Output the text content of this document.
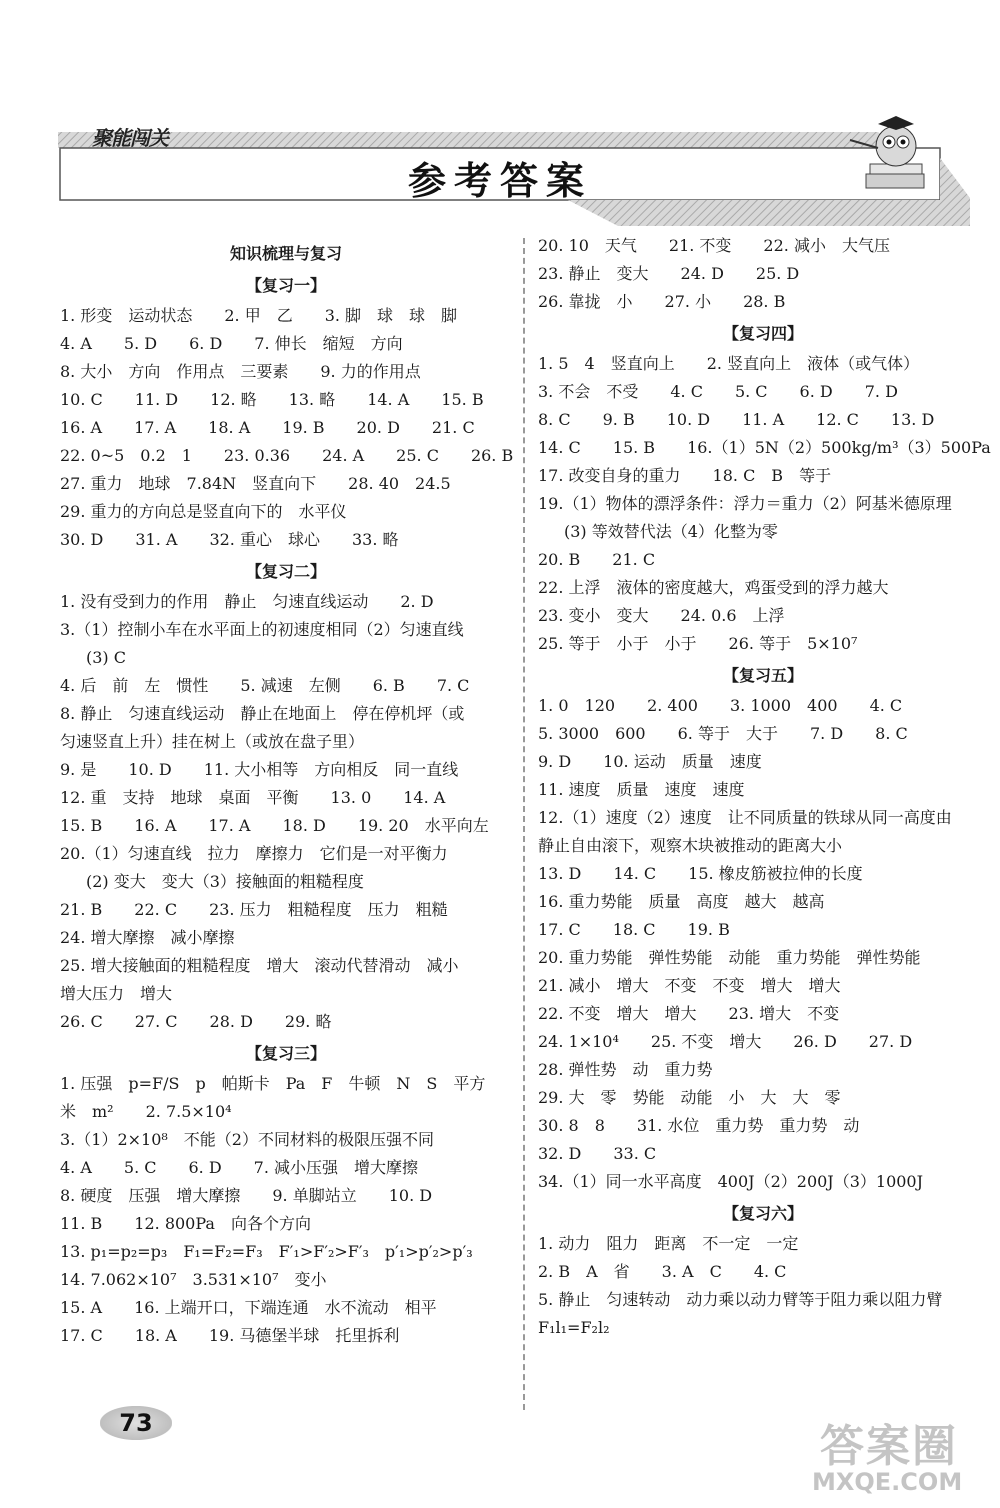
聚能闯关
参考答案
知识梳理与复习
【复习一】
1. 形变　运动状态　　2. 甲　乙　　3. 脚　球　球　脚
4. A　　5. D　　6. D　　7. 伸长　缩短　方向
8. 大小　方向　作用点　三要素　　9. 力的作用点
10. C　　11. D　　12. 略　　13. 略　　14. A　　15. B
16. A　　17. A　　18. A　　19. B　　20. D　　21. C
22. 0~5　0.2　1　　23. 0.36　　24. A　　25. C　　26. B
27. 重力　地球　7.84N　竖直向下　　28. 40　24.5
29. 重力的方向总是竖直向下的　水平仪
30. D　　31. A　　32. 重心　球心　　33. 略
【复习二】
1. 没有受到力的作用　静止　匀速直线运动　　2. D
3.（1）控制小车在水平面上的初速度相同（2）匀速直线
(3) C
4. 后　前　左　惯性　　5. 减速　左侧　　6. B　　7. C
8. 静止　匀速直线运动　静止在地面上　停在停机坪（或
匀速竖直上升）挂在树上（或放在盘子里）
9. 是　　10. D　　11. 大小相等　方向相反　同一直线
12. 重　支持　地球　桌面　平衡　　13. 0　　14. A
15. B　　16. A　　17. A　　18. D　　19. 20　水平向左
20.（1）匀速直线　拉力　摩擦力　它们是一对平衡力
(2) 变大　变大（3）接触面的粗糙程度
21. B　　22. C　　23. 压力　粗糙程度　压力　粗糙
24. 增大摩擦　减小摩擦
25. 增大接触面的粗糙程度　增大　滚动代替滑动　减小
增大压力　增大
26. C　　27. C　　28. D　　29. 略
【复习三】
1. 压强　p=F/S　p　帕斯卡　Pa　F　牛顿　N　S　平方
米　m²　　2. 7.5×10⁴
3.（1）2×10⁸　不能（2）不同材料的极限压强不同
4. A　　5. C　　6. D　　7. 减小压强　增大摩擦
8. 硬度　压强　增大摩擦　　9. 单脚站立　　10. D
11. B　　12. 800Pa　向各个方向
13. p₁=p₂=p₃　F₁=F₂=F₃　F′₁>F′₂>F′₃　p′₁>p′₂>p′₃
14. 7.062×10⁷　3.531×10⁷　变小
15. A　　16. 上端开口，下端连通　水不流动　相平
17. C　　18. A　　19. 马德堡半球　托里拆利
20. 10　天气　　21. 不变　　22. 减小　大气压
23. 静止　变大　　24. D　　25. D
26. 靠拢　小　　27. 小　　28. B
【复习四】
1. 5　4　竖直向上　　2. 竖直向上　液体（或气体）
3. 不会　不受　　4. C　　5. C　　6. D　　7. D
8. C　　9. B　　10. D　　11. A　　12. C　　13. D
14. C　　15. B　　16.（1）5N（2）500kg/m³（3）500Pa
17. 改变自身的重力　　18. C　B　等于
19.（1）物体的漂浮条件：浮力＝重力（2）阿基米德原理
(3) 等效替代法（4）化整为零
20. B　　21. C
22. 上浮　液体的密度越大，鸡蛋受到的浮力越大
23. 变小　变大　　24. 0.6　上浮
25. 等于　小于　小于　　26. 等于　5×10⁷
【复习五】
1. 0　120　　2. 400　　3. 1000　400　　4. C
5. 3000　600　　6. 等于　大于　　7. D　　8. C
9. D　　10. 运动　质量　速度
11. 速度　质量　速度　速度
12.（1）速度（2）速度　让不同质量的铁球从同一高度由
静止自由滚下，观察木块被推动的距离大小
13. D　　14. C　　15. 橡皮筋被拉伸的长度
16. 重力势能　质量　高度　越大　越高
17. C　　18. C　　19. B
20. 重力势能　弹性势能　动能　重力势能　弹性势能
21. 减小　增大　不变　不变　增大　增大
22. 不变　增大　增大　　23. 增大　不变
24. 1×10⁴　　25. 不变　增大　　26. D　　27. D
28. 弹性势　动　重力势
29. 大　零　势能　动能　小　大　大　零
30. 8　8　　31. 水位　重力势　重力势　动
32. D　　33. C
34.（1）同一水平高度　400J（2）200J（3）1000J
【复习六】
1. 动力　阻力　距离　不一定　一定
2. B　A　省　　3. A　C　　4. C
5. 静止　匀速转动　动力乘以动力臂等于阻力乘以阻力臂
F₁l₁=F₂l₂
73	答案圈
MXQE.COM
